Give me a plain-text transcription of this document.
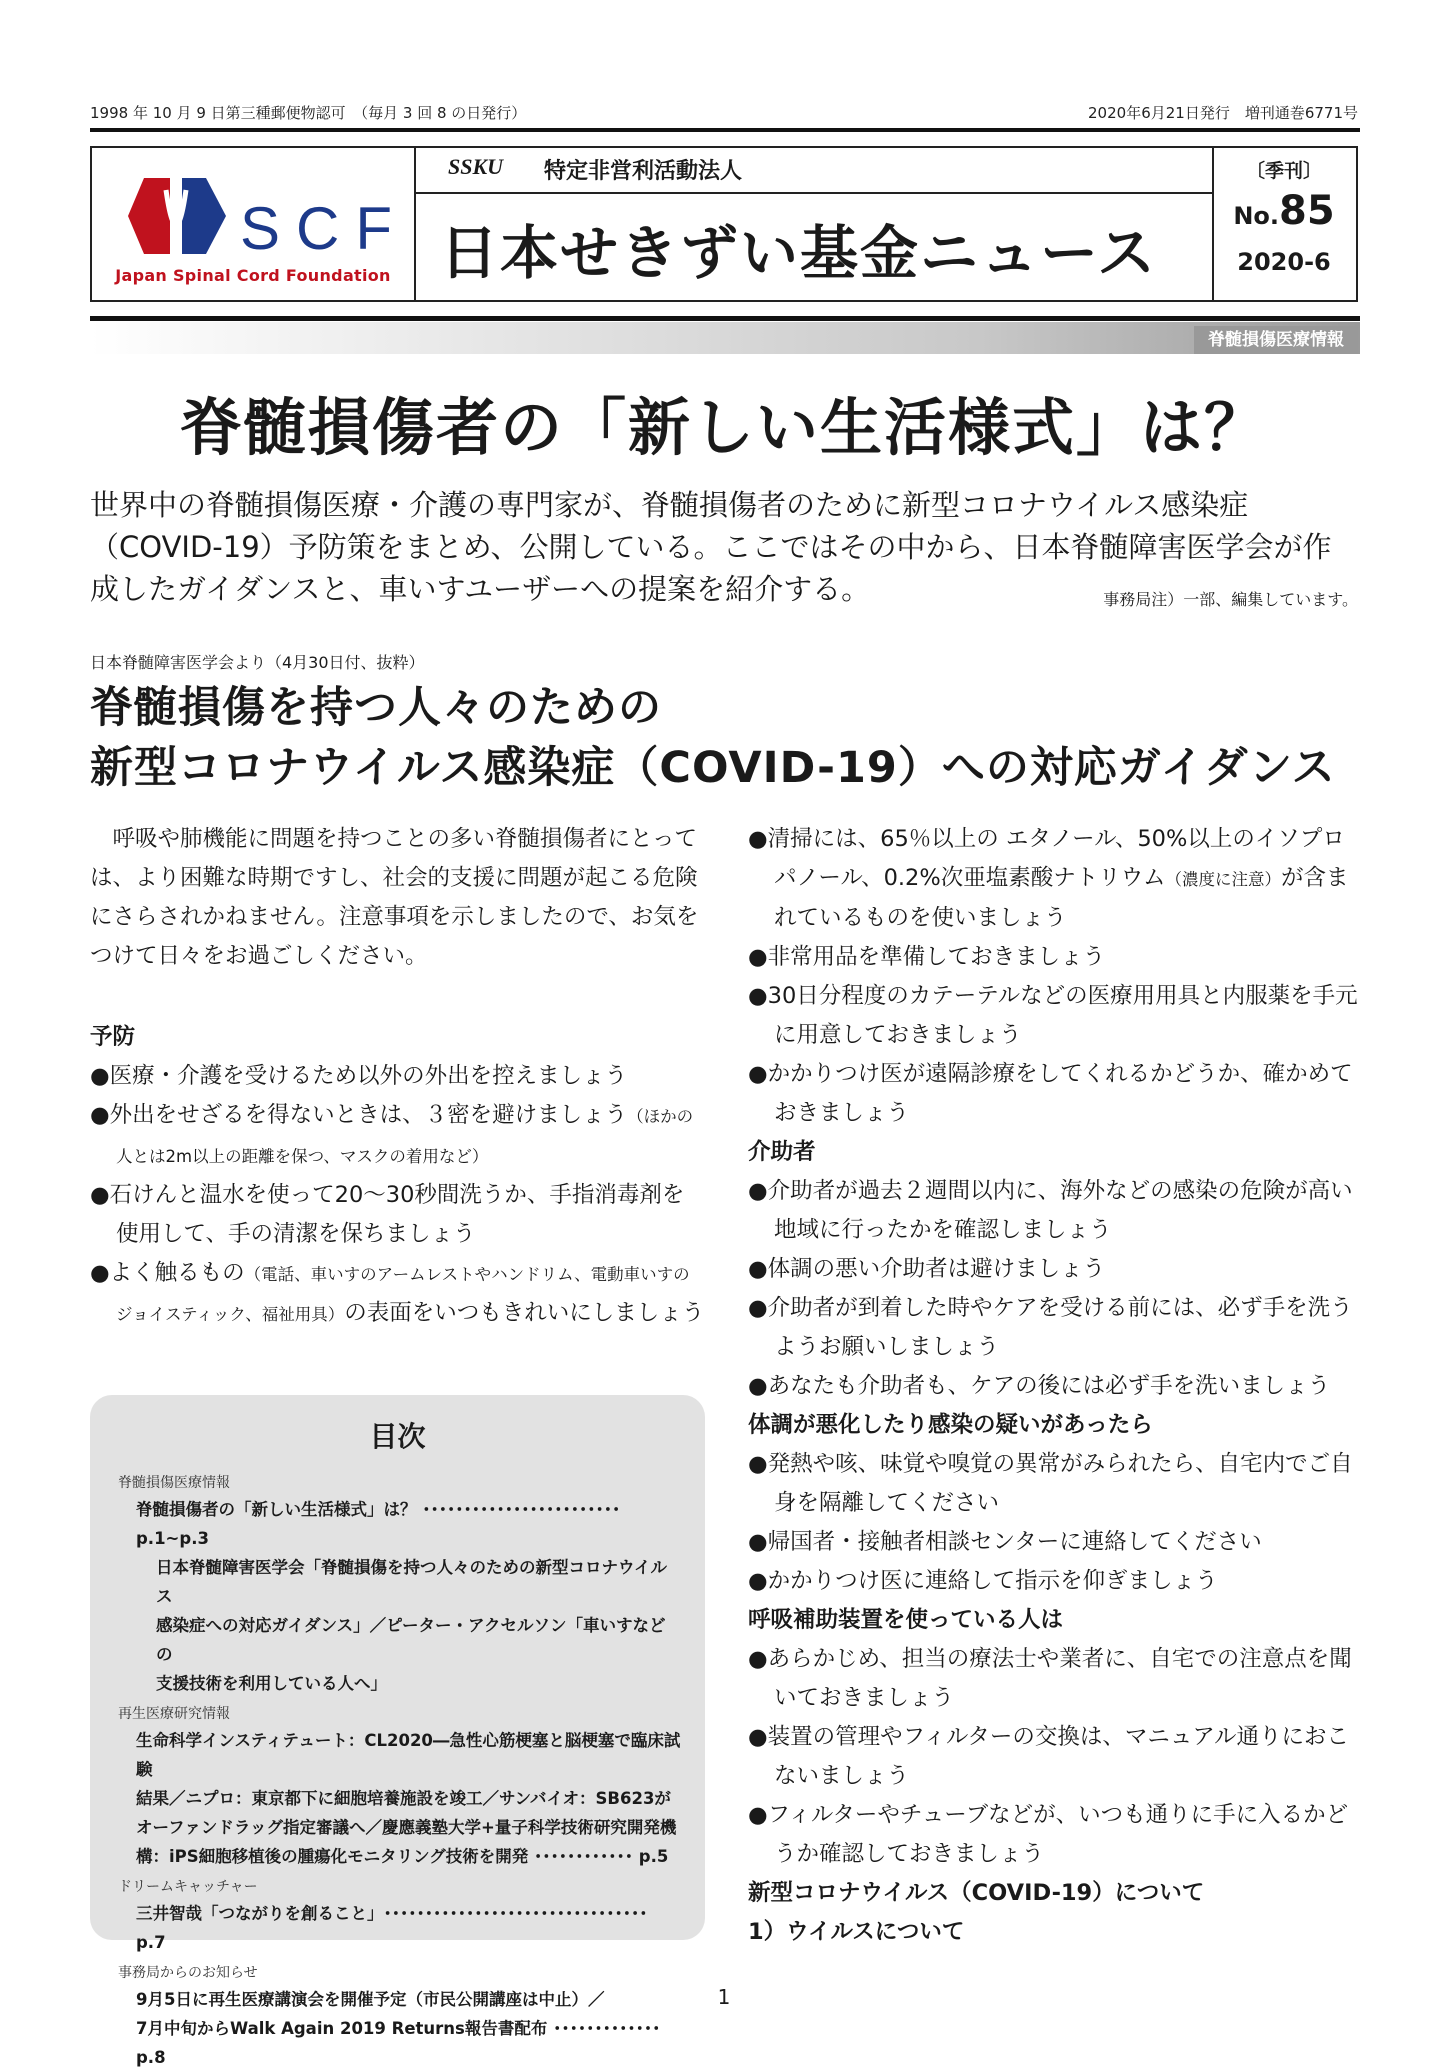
1998 年 10 月 9 日第三種郵便物認可　（毎月 3 回 8 の日発行）	2020年6月21日発行　増刊通巻6771号
SCF
Japan Spinal Cord Foundation
SSKU 特定非営利活動法人
日本せきずい基金ニュース
〔季刊〕
No.85
2020-6
脊髄損傷医療情報
脊髄損傷者の「新しい生活様式」は？
世界中の脊髄損傷医療・介護の専門家が、脊髄損傷者のために新型コロナウイルス感染症（COVID-19）予防策をまとめ、公開している。ここではその中から、日本脊髄障害医学会が作成したガイダンスと、車いすユーザーへの提案を紹介する。	事務局注）一部、編集しています。
日本脊髄障害医学会より（4月30日付、抜粋）
脊髄損傷を持つ人々のための
新型コロナウイルス感染症（COVID-19）への対応ガイダンス

呼吸や肺機能に問題を持つことの多い脊髄損傷者にとっては、より困難な時期ですし、社会的支援に問題が起こる危険にさらされかねません。注意事項を示しましたので、お気をつけて日々をお過ごしください。

予防

●医療・介護を受けるため以外の外出を控えましょう

●外出をせざるを得ないときは、３密を避けましょう（ほかの人とは2m以上の距離を保つ、マスクの着用など）

●石けんと温水を使って20～30秒間洗うか、手指消毒剤を使用して、手の清潔を保ちましょう

●よく触るもの（電話、車いすのアームレストやハンドリム、電動車いすのジョイスティック、福祉用具）の表面をいつもきれいにしましょう

目次
脊髄損傷医療情報
脊髄損傷者の「新しい生活様式」は？ ････････････････････････ p.1~p.3
日本脊髄障害医学会「脊髄損傷を持つ人々のための新型コロナウイルス
感染症への対応ガイダンス」／ピーター・アクセルソン「車いすなどの
支援技術を利用している人へ」
再生医療研究情報
生命科学インスティテュート：CL2020―急性心筋梗塞と脳梗塞で臨床試験
結果／ニプロ：東京都下に細胞培養施設を竣工／サンバイオ：SB623が
オーファンドラッグ指定審議へ／慶應義塾大学+量子科学技術研究開発機
構：iPS細胞移植後の腫瘍化モニタリング技術を開発 ････････････ p.5
ドリームキャッチャー
三井智哉「つながりを創ること」････････････････････････････････ p.7
事務局からのお知らせ
9月5日に再生医療講演会を開催予定（市民公開講座は中止）／
7月中旬からWalk Again 2019 Returns報告書配布 ･････････････ p.8

●清掃には、65％以上の エタノール、50%以上のイソプロパノール、0.2%次亜塩素酸ナトリウム（濃度に注意）が含まれているものを使いましょう

●非常用品を準備しておきましょう

●30日分程度のカテーテルなどの医療用用具と内服薬を手元に用意しておきましょう

●かかりつけ医が遠隔診療をしてくれるかどうか、確かめておきましょう

介助者

●介助者が過去２週間以内に、海外などの感染の危険が高い地域に行ったかを確認しましょう

●体調の悪い介助者は避けましょう

●介助者が到着した時やケアを受ける前には、必ず手を洗うようお願いしましょう

●あなたも介助者も、ケアの後には必ず手を洗いましょう

体調が悪化したり感染の疑いがあったら

●発熱や咳、味覚や嗅覚の異常がみられたら、自宅内でご自身を隔離してください

●帰国者・接触者相談センターに連絡してください

●かかりつけ医に連絡して指示を仰ぎましょう

呼吸補助装置を使っている人は

●あらかじめ、担当の療法士や業者に、自宅での注意点を聞いておきましょう

●装置の管理やフィルターの交換は、マニュアル通りにおこないましょう

●フィルターやチューブなどが、いつも通りに手に入るかどうか確認しておきましょう

新型コロナウイルス（COVID-19）について

1）ウイルスについて

1
